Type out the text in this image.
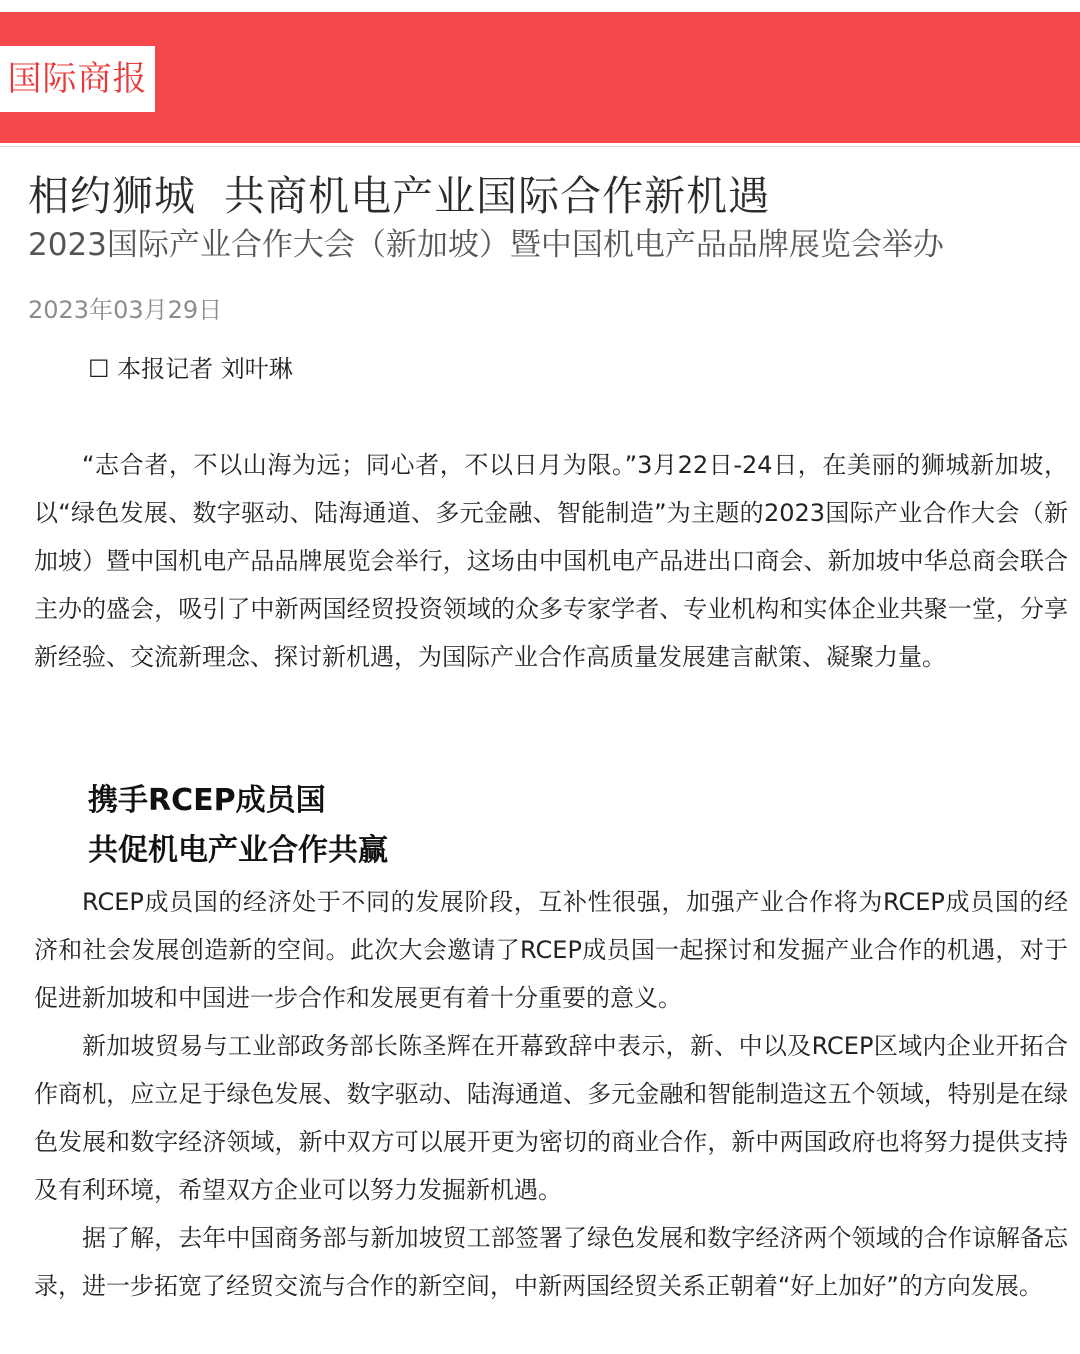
国际商报
相约狮城  共商机电产业国际合作新机遇
2023国际产业合作大会（新加坡）暨中国机电产品品牌展览会举办
2023年03月29日
☐ 本报记者 刘叶琳

“志合者，不以山海为远；同心者，不以日月为限。”3月22日-24日，在美丽的狮城新加坡，以“绿色发展、数字驱动、陆海通道、多元金融、智能制造”为主题的2023国际产业合作大会（新加坡）暨中国机电产品品牌展览会举行，这场由中国机电产品进出口商会、新加坡中华总商会联合主办的盛会，吸引了中新两国经贸投资领域的众多专家学者、专业机构和实体企业共聚一堂，分享新经验、交流新理念、探讨新机遇，为国际产业合作高质量发展建言献策、凝聚力量。

携手RCEP成员国
共促机电产业合作共赢

RCEP成员国的经济处于不同的发展阶段，互补性很强，加强产业合作将为RCEP成员国的经济和社会发展创造新的空间。此次大会邀请了RCEP成员国一起探讨和发掘产业合作的机遇，对于促进新加坡和中国进一步合作和发展更有着十分重要的意义。

新加坡贸易与工业部政务部长陈圣辉在开幕致辞中表示，新、中以及RCEP区域内企业开拓合作商机，应立足于绿色发展、数字驱动、陆海通道、多元金融和智能制造这五个领域，特别是在绿色发展和数字经济领域，新中双方可以展开更为密切的商业合作，新中两国政府也将努力提供支持及有利环境，希望双方企业可以努力发掘新机遇。

据了解，去年中国商务部与新加坡贸工部签署了绿色发展和数字经济两个领域的合作谅解备忘录，进一步拓宽了经贸交流与合作的新空间，中新两国经贸关系正朝着“好上加好”的方向发展。
